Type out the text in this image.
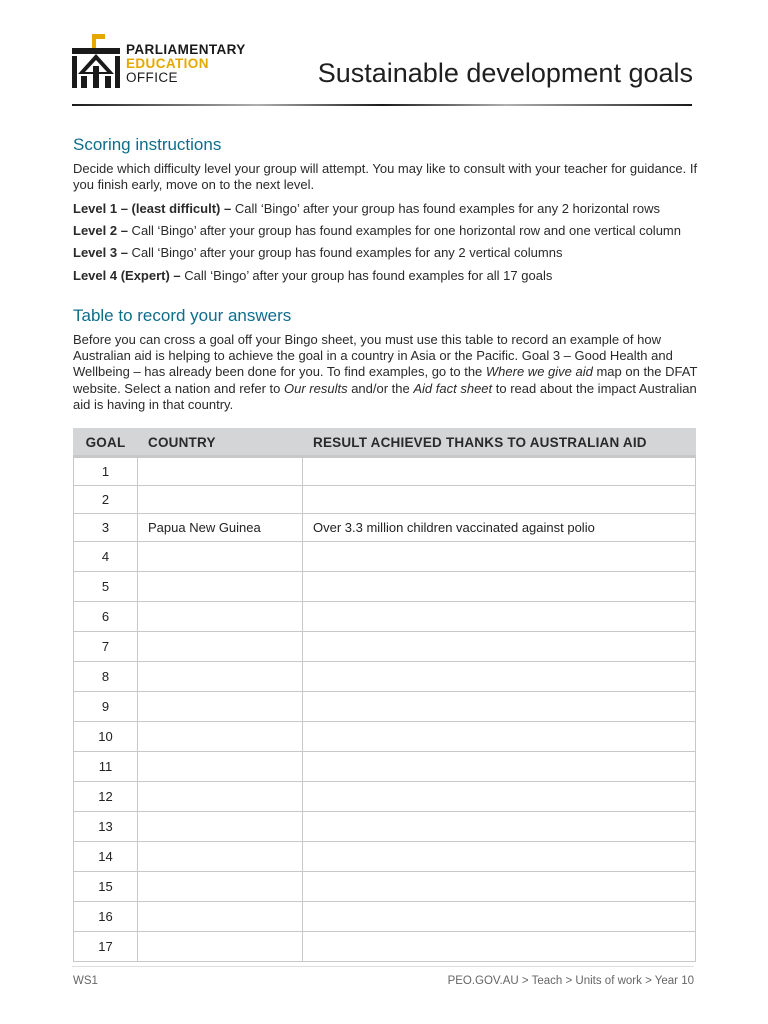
PARLIAMENTARY
EDUCATION
OFFICE	Sustainable development goals
Scoring instructions
Decide which difficulty level your group will attempt. You may like to consult with your teacher for guidance. If you finish early, move on to the next level.
Level 1 – (least difficult) – Call ‘Bingo’ after your group has found examples for any 2 horizontal rows
Level 2 – Call ‘Bingo’ after your group has found examples for one horizontal row and one vertical column
Level 3 – Call ‘Bingo’ after your group has found examples for any 2 vertical columns
Level 4 (Expert) – Call ‘Bingo’ after your group has found examples for all 17 goals
Table to record your answers
Before you can cross a goal off your Bingo sheet, you must use this table to record an example of how Australian aid is helping to achieve the goal in a country in Asia or the Pacific. Goal 3 – Good Health and Wellbeing – has already been done for you. To find examples, go to the Where we give aid map on the DFAT website. Select a nation and refer to Our results and/or the Aid fact sheet to read about the impact Australian aid is having in that country.
GOAL	COUNTRY	RESULT ACHIEVED THANKS TO AUSTRALIAN AID
1		
2		
3	Papua New Guinea	Over 3.3 million children vaccinated against polio
4		
5		
6		
7		
8		
9		
10		
11		
12		
13		
14		
15		
16		
17		
WS1	PEO.GOV.AU > Teach > Units of work > Year 10
